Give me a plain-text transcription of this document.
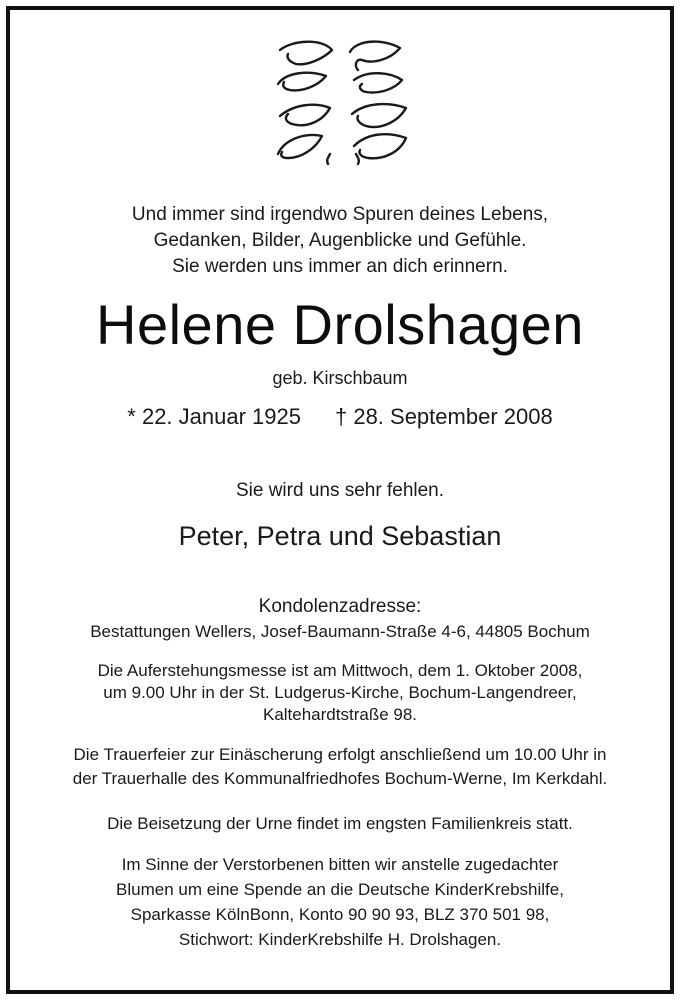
Und immer sind irgendwo Spuren deines Lebens,
Gedanken, Bilder, Augenblicke und Gefühle.
Sie werden uns immer an dich erinnern.
Helene Drolshagen
geb. Kirschbaum
* 22. Januar 1925 † 28. September 2008
Sie wird uns sehr fehlen.
Peter, Petra und Sebastian
Kondolenzadresse:
Bestattungen Wellers, Josef-Baumann-Straße 4-6, 44805 Bochum
Die Auferstehungsmesse ist am Mittwoch, dem 1. Oktober 2008,
um 9.00 Uhr in der St. Ludgerus-Kirche, Bochum-Langendreer,
Kaltehardtstraße 98.
Die Trauerfeier zur Einäscherung erfolgt anschließend um 10.00 Uhr in
der Trauerhalle des Kommunalfriedhofes Bochum-Werne, Im Kerkdahl.
Die Beisetzung der Urne findet im engsten Familienkreis statt.
Im Sinne der Verstorbenen bitten wir anstelle zugedachter
Blumen um eine Spende an die Deutsche KinderKrebshilfe,
Sparkasse KölnBonn, Konto 90 90 93, BLZ 370 501 98,
Stichwort: KinderKrebshilfe H. Drolshagen.
